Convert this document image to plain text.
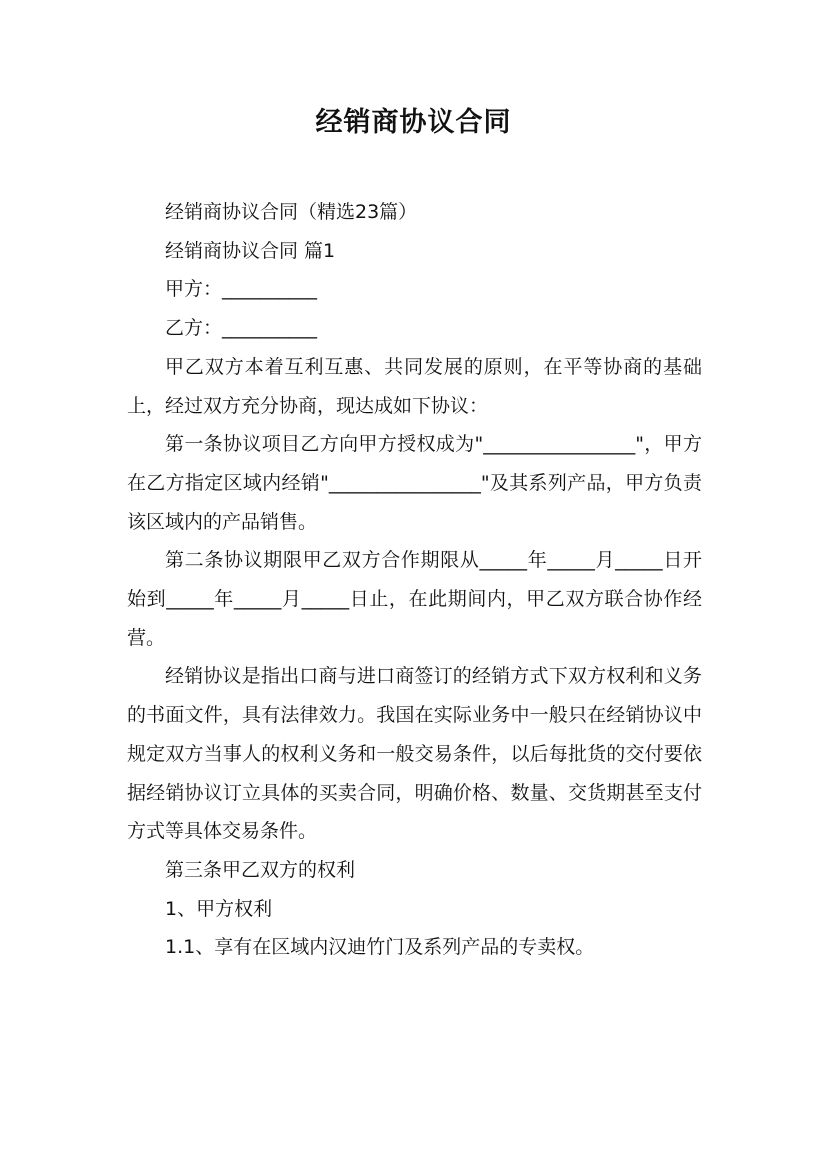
经销商协议合同

经销商协议合同（精选23篇）

经销商协议合同 篇1

甲方：__________

乙方：__________

甲乙双方本着互利互惠、共同发展的原则，在平等协商的基础上，经过双方充分协商，现达成如下协议：

第一条协议项目乙方向甲方授权成为"________________"，甲方在乙方指定区域内经销"________________"及其系列产品，甲方负责该区域内的产品销售。

第二条协议期限甲乙双方合作期限从_____年_____月_____日开始到_____年_____月_____日止，在此期间内，甲乙双方联合协作经营。

经销协议是指出口商与进口商签订的经销方式下双方权利和义务的书面文件，具有法律效力。我国在实际业务中一般只在经销协议中规定双方当事人的权利义务和一般交易条件，以后每批货的交付要依据经销协议订立具体的买卖合同，明确价格、数量、交货期甚至支付方式等具体交易条件。

第三条甲乙双方的权利

1、甲方权利

1.1、享有在区域内汉迪竹门及系列产品的专卖权。
